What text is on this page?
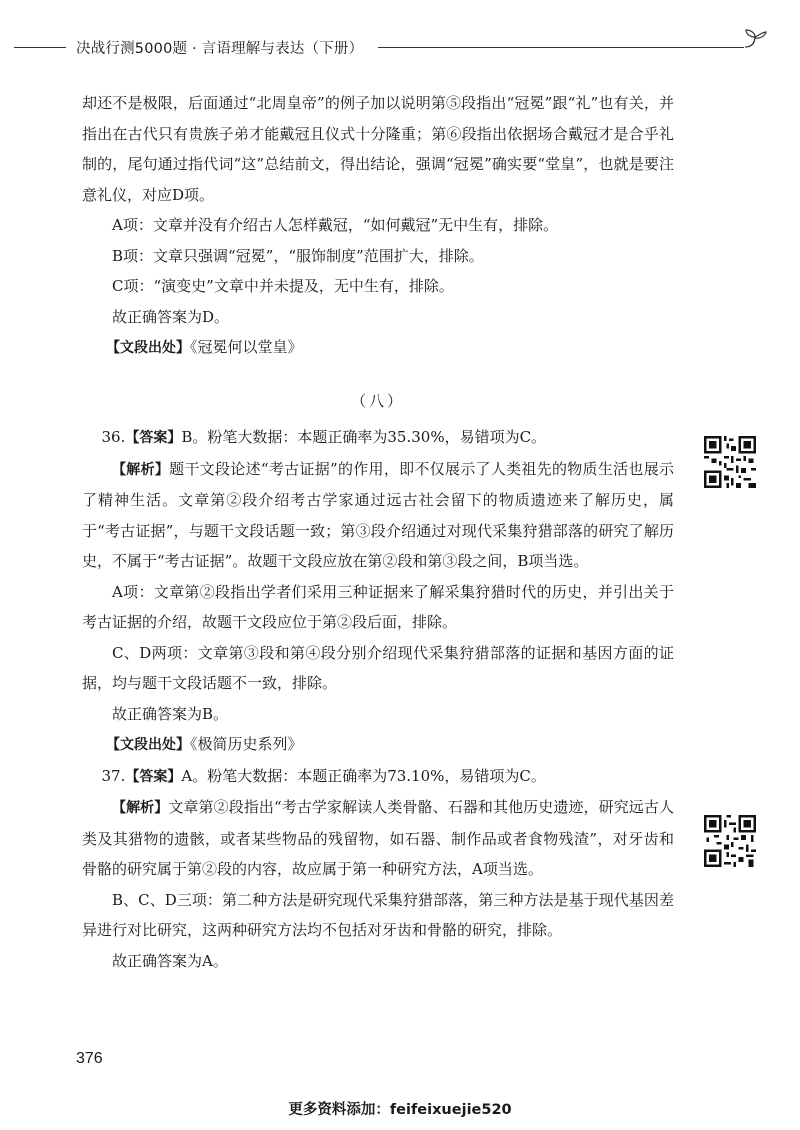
决战行测5000题 · 言语理解与表达（下册）

却还不是极限，后面通过“北周皇帝”的例子加以说明第⑤段指出“冠冕”跟“礼”也有关，并指出在古代只有贵族子弟才能戴冠且仪式十分隆重；第⑥段指出依据场合戴冠才是合乎礼制的，尾句通过指代词“这”总结前文，得出结论，强调“冠冕”确实要“堂皇”，也就是要注意礼仪，对应D项。

A项：文章并没有介绍古人怎样戴冠，“如何戴冠”无中生有，排除。

B项：文章只强调“冠冕”，“服饰制度”范围扩大，排除。

C项：“演变史”文章中并未提及，无中生有，排除。

故正确答案为D。

【文段出处】《冠冕何以堂皇》

（八）

36.【答案】B。粉笔大数据：本题正确率为35.30%，易错项为C。

【解析】题干文段论述“考古证据”的作用，即不仅展示了人类祖先的物质生活也展示了精神生活。文章第②段介绍考古学家通过远古社会留下的物质遗迹来了解历史，属于“考古证据”，与题干文段话题一致；第③段介绍通过对现代采集狩猎部落的研究了解历史，不属于“考古证据”。故题干文段应放在第②段和第③段之间，B项当选。

A项：文章第②段指出学者们采用三种证据来了解采集狩猎时代的历史，并引出关于考古证据的介绍，故题干文段应位于第②段后面，排除。

C、D两项：文章第③段和第④段分别介绍现代采集狩猎部落的证据和基因方面的证据，均与题干文段话题不一致，排除。

故正确答案为B。

【文段出处】《极简历史系列》

37.【答案】A。粉笔大数据：本题正确率为73.10%，易错项为C。

【解析】文章第②段指出“考古学家解读人类骨骼、石器和其他历史遗迹，研究远古人类及其猎物的遗骸，或者某些物品的残留物，如石器、制作品或者食物残渣”，对牙齿和骨骼的研究属于第②段的内容，故应属于第一种研究方法，A项当选。

B、C、D三项：第二种方法是研究现代采集狩猎部落，第三种方法是基于现代基因差异进行对比研究，这两种研究方法均不包括对牙齿和骨骼的研究，排除。

故正确答案为A。

376
更多资料添加：feifeixuejie520
